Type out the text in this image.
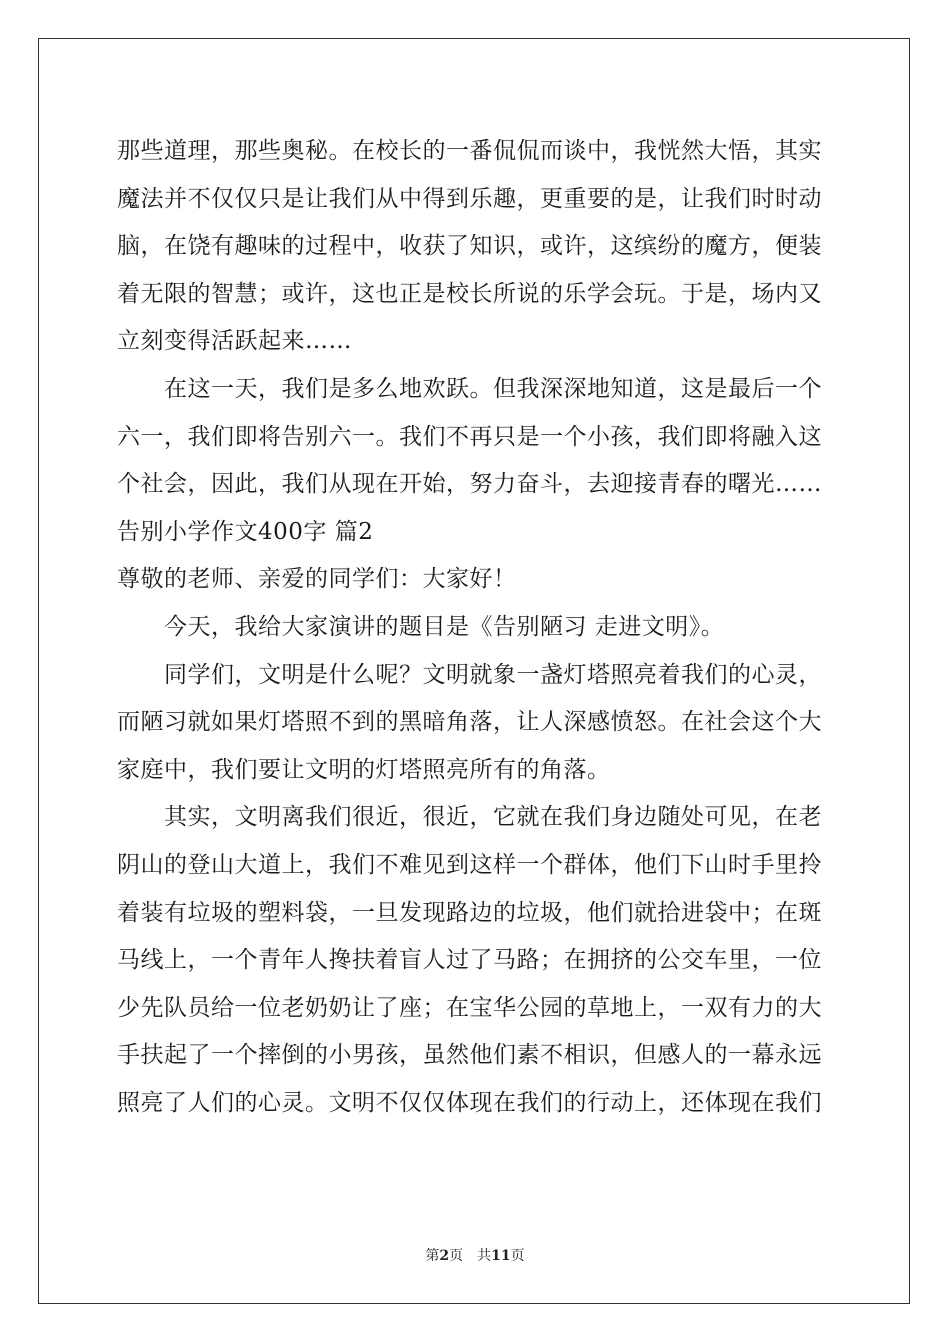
那些道理，那些奥秘。在校长的一番侃侃而谈中，我恍然大悟，其实
魔法并不仅仅只是让我们从中得到乐趣，更重要的是，让我们时时动
脑，在饶有趣味的过程中，收获了知识，或许，这缤纷的魔方，便装
着无限的智慧；或许，这也正是校长所说的乐学会玩。于是，场内又
立刻变得活跃起来……
在这一天，我们是多么地欢跃。但我深深地知道，这是最后一个
六一，我们即将告别六一。我们不再只是一个小孩，我们即将融入这
个社会，因此，我们从现在开始，努力奋斗，去迎接青春的曙光……
告别小学作文400字 篇2
尊敬的老师、亲爱的同学们：大家好！
今天，我给大家演讲的题目是《告别陋习 走进文明》。
同学们，文明是什么呢？文明就象一盏灯塔照亮着我们的心灵，
而陋习就如果灯塔照不到的黑暗角落，让人深感愤怒。在社会这个大
家庭中，我们要让文明的灯塔照亮所有的角落。
其实，文明离我们很近，很近，它就在我们身边随处可见，在老
阴山的登山大道上，我们不难见到这样一个群体，他们下山时手里拎
着装有垃圾的塑料袋，一旦发现路边的垃圾，他们就拾进袋中；在斑
马线上，一个青年人搀扶着盲人过了马路；在拥挤的公交车里，一位
少先队员给一位老奶奶让了座；在宝华公园的草地上，一双有力的大
手扶起了一个摔倒的小男孩，虽然他们素不相识，但感人的一幕永远
照亮了人们的心灵。文明不仅仅体现在我们的行动上，还体现在我们
第2页 共11页
